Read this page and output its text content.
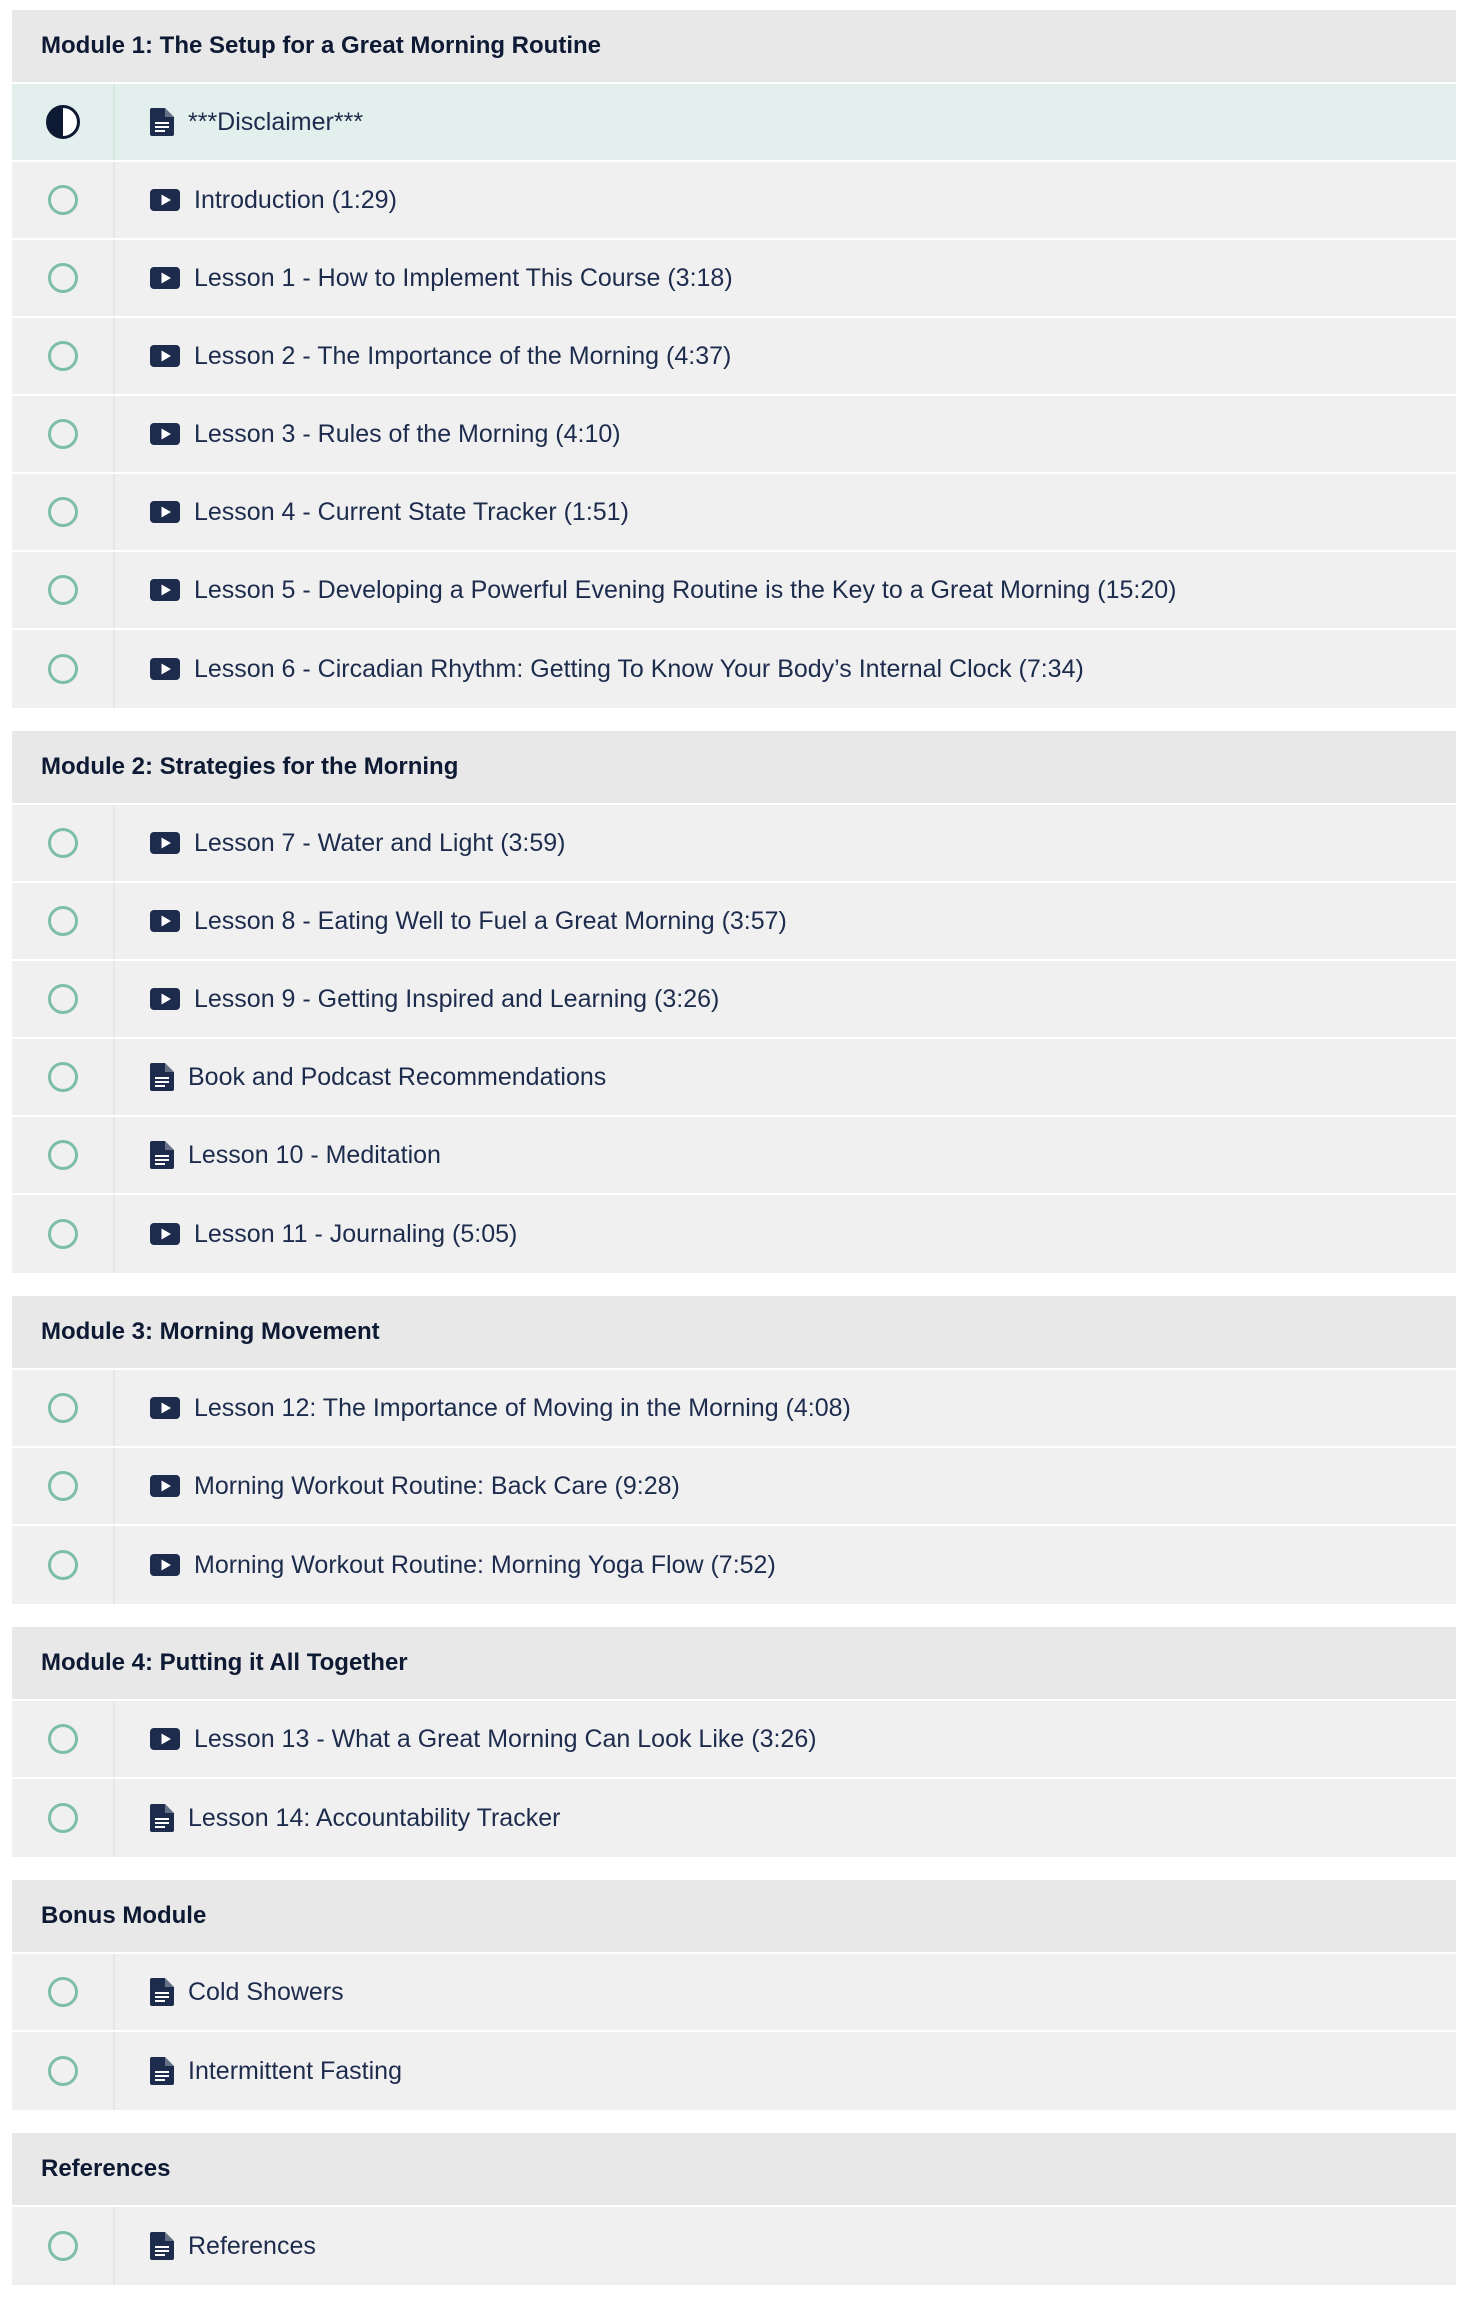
Module 1: The Setup for a Great Morning Routine
***Disclaimer***
Introduction (1:29)
Lesson 1 - How to Implement This Course (3:18)
Lesson 2 - The Importance of the Morning (4:37)
Lesson 3 - Rules of the Morning (4:10)
Lesson 4 - Current State Tracker (1:51)
Lesson 5 - Developing a Powerful Evening Routine is the Key to a Great Morning (15:20)
Lesson 6 - Circadian Rhythm: Getting To Know Your Body’s Internal Clock (7:34)
Module 2: Strategies for the Morning
Lesson 7 - Water and Light (3:59)
Lesson 8 - Eating Well to Fuel a Great Morning (3:57)
Lesson 9 - Getting Inspired and Learning (3:26)
Book and Podcast Recommendations
Lesson 10 - Meditation
Lesson 11 - Journaling (5:05)
Module 3: Morning Movement
Lesson 12: The Importance of Moving in the Morning (4:08)
Morning Workout Routine: Back Care (9:28)
Morning Workout Routine: Morning Yoga Flow (7:52)
Module 4: Putting it All Together
Lesson 13 - What a Great Morning Can Look Like (3:26)
Lesson 14: Accountability Tracker
Bonus Module
Cold Showers
Intermittent Fasting
References
References
